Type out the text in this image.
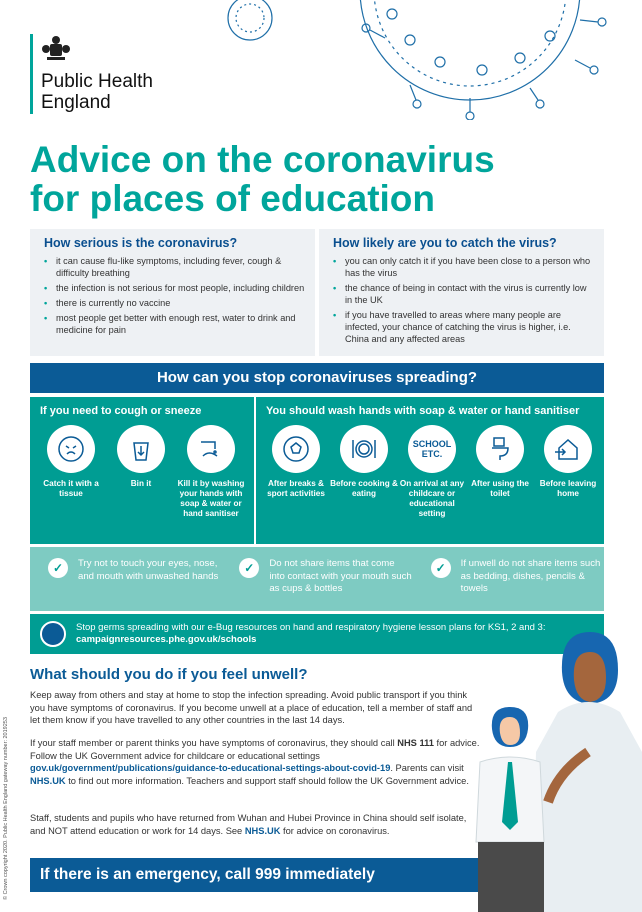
Public Health
England
Advice on the coronavirus
for places of education
How serious is the coronavirus?
• it can cause flu-like symptoms, including fever, cough & difficulty breathing
• the infection is not serious for most people, including children
• there is currently no vaccine
• most people get better with enough rest, water to drink and medicine for pain
How likely are you to catch the virus?
• you can only catch it if you have been close to a person who has the virus
• the chance of being in contact with the virus is currently low in the UK
• if you have travelled to areas where many people are infected, your chance of catching the virus is higher, i.e. China and any affected areas
How can you stop coronaviruses spreading?
If you need to cough or sneeze
Catch it with a tissue
Bin it	Kill it by washing your hands with soap & water or hand sanitiser
You should wash hands with soap & water or hand sanitiser
After breaks & sport activities
Before cooking & eating
SCHOOL ETC.
On arrival at any childcare or educational setting
After using the toilet
Before leaving home
✓	Try not to touch your eyes, nose, and mouth with unwashed hands
✓	Do not share items that come into contact with your mouth such as cups & bottles
✓	If unwell do not share items such as bedding, dishes, pencils & towels
Stop germs spreading with our e-Bug resources on hand and respiratory hygiene lesson plans for KS1, 2 and 3: campaignresources.phe.gov.uk/schools
What should you do if you feel unwell?
Keep away from others and stay at home to stop the infection spreading. Avoid public transport if you think you have symptoms of coronavirus. If you become unwell at a place of education, tell a member of staff and let them know if you have travelled to any other countries in the last 14 days.
If your staff member or parent thinks you have symptoms of coronavirus, they should call NHS 111 for advice. Follow the UK Government advice for childcare or educational settings gov.uk/government/publications/guidance-to-educational-settings-about-covid-19. Parents can visit NHS.UK to find out more information. Teachers and support staff should follow the UK Government advice.
Staff, students and pupils who have returned from Wuhan and Hubei Province in China should self isolate, and NOT attend education or work for 14 days. See NHS.UK for advice on coronavirus.
If there is an emergency, call 999 immediately
© Crown copyright 2020. Public Health England gateway number: 2019253
